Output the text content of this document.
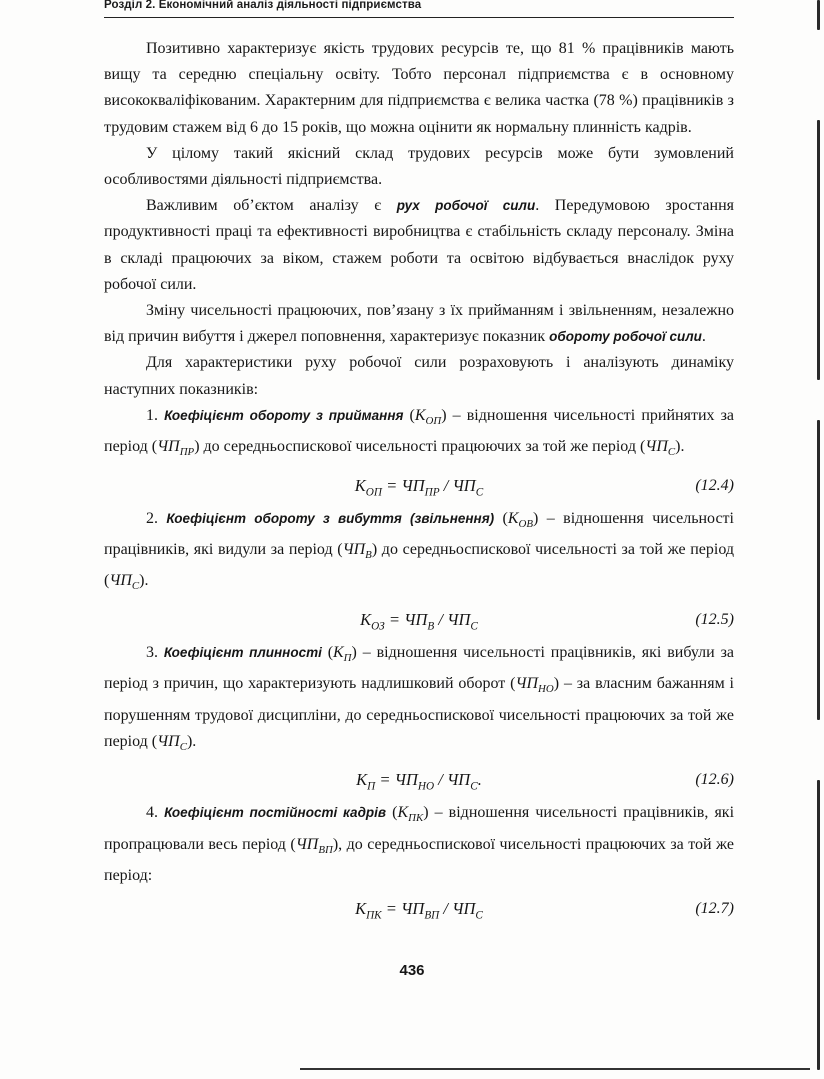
Розділ 2. Економічний аналіз діяльності підприємства

Позитивно характеризує якість трудових ресурсів те, що 81 % працівників мають вищу та середню спеціальну освіту. Тобто персонал підприємства є в основному висококваліфікованим. Характерним для підприємства є велика частка (78 %) працівників з трудовим стажем від 6 до 15 років, що можна оцінити як нормальну плинність кадрів.

У цілому такий якісний склад трудових ресурсів може бути зумовлений особливостями діяльності підприємства.

Важливим об’єктом аналізу є рух робочої сили. Передумовою зростання продуктивності праці та ефективності виробництва є стабільність складу персоналу. Зміна в складі працюючих за віком, стажем роботи та освітою відбувається внаслідок руху робочої сили.

Зміну чисельності працюючих, пов’язану з їх прийманням і звільненням, незалежно від причин вибуття і джерел поповнення, характеризує показник обороту робочої сили.

Для характеристики руху робочої сили розраховують і аналізують динаміку наступних показників:

1. Коефіцієнт обороту з приймання $(К_{ОП})$ – відношення чисельності прийнятих за період $(ЧП_{ПР})$ до середньоспискової чисельності працюючих за той же період $(ЧП_С)$.

$К_{ОП} = ЧП_{ПР} / ЧП_С$	(12.4)

2. Коефіцієнт обороту з вибуття (звільнення) $(К_{ОВ})$ – відношення чисельності працівників, які видули за період $(ЧП_В)$ до середньоспискової чисельності за той же період $(ЧП_С)$.

$К_{ОЗ} = ЧП_В / ЧП_С$	(12.5)

3. Коефіцієнт плинності $(К_П)$ – відношення чисельності працівників, які вибули за період з причин, що характеризують надлишковий оборот $(ЧП_{НО})$ – за власним бажанням і порушенням трудової дисципліни, до середньоспискової чисельності працюючих за той же період $(ЧП_С)$.

$К_П = ЧП_{НО} / ЧП_С$.	(12.6)

4. Коефіцієнт постійності кадрів $(К_{ПК})$ – відношення чисельності працівників, які пропрацювали весь період $(ЧП_{ВП})$, до середньоспискової чисельності працюючих за той же період:

$К_{ПК} = ЧП_{ВП} / ЧП_С$	(12.7)
436
